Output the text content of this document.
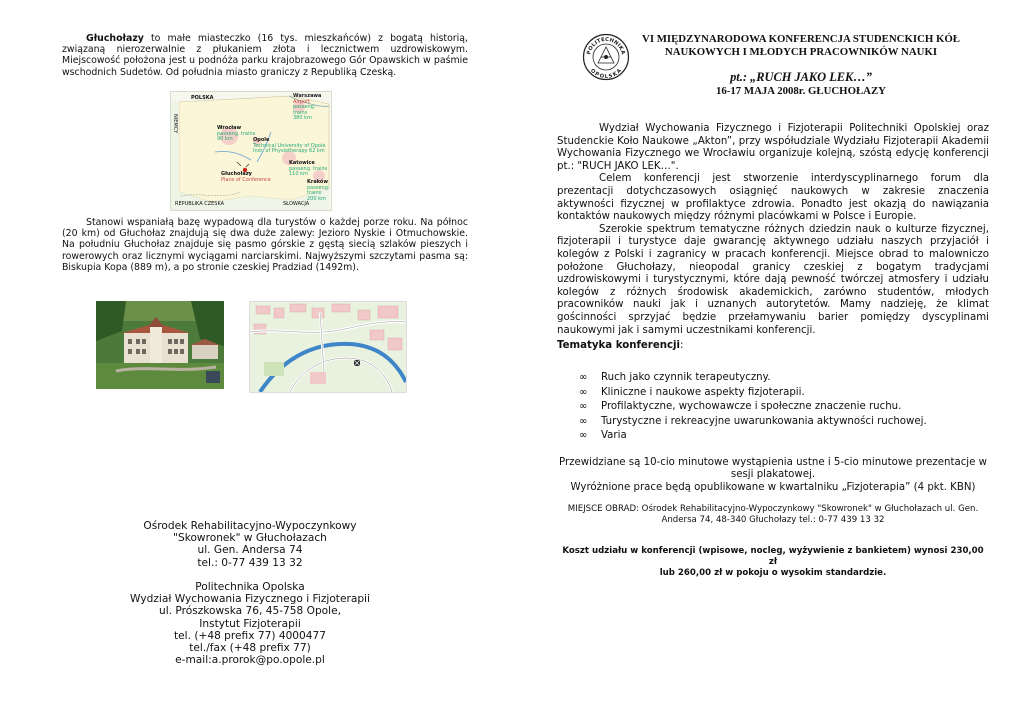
Głuchołazy to małe miasteczko (16 tys. mieszkańców) z bogatą historią, związaną nierozerwalnie z płukaniem złota i lecznictwem uzdrowiskowym. Miejscowość położona jest u podnóża parku krajobrazowego Gór Opawskich w paśmie wschodnich Sudetów. Od południa miasto graniczy z Republiką Czeską.
POLSKA
NIEMCY
Warszawa
Airport
passeng. trains
380 km
Wrocław
passeng. trains
90 km	Opole
Technical University of Opole
Inst. of Physiotherapy 62 km
Katowice
passeng. trains
110 km
Kraków
passeng. trains
200 km
Głuchołazy
Place of Conference
REPUBLIKA CZESKA	SŁOWACJA
Stanowi wspaniałą bazę wypadową dla turystów o każdej porze roku. Na północ (20 km) od Głuchołaz znajdują się dwa duże zalewy: Jezioro Nyskie i Otmuchowskie. Na południu Głuchołaz znajduje się pasmo górskie z gęstą siecią szlaków pieszych i rowerowych oraz licznymi wyciągami narciarskimi. Najwyższymi szczytami pasma są: Biskupia Kopa (889 m), a po stronie czeskiej Pradziad (1492m).
Ośrodek Rehabilitacyjno-Wypoczynkowy
"Skowronek" w Głuchołazach
ul. Gen. Andersa 74
tel.: 0-77 439 13 32
Politechnika Opolska
Wydział Wychowania Fizycznego i Fizjoterapii
ul. Prószkowska 76, 45-758 Opole,
Instytut Fizjoterapii
tel. (+48 prefix 77) 4000477
tel./fax (+48 prefix 77)
e-mail:a.prorok@po.opole.pl
POLITECHNIKA
OPOLSKA
VI MIĘDZYNARODOWA KONFERENCJA STUDENCKICH KÓŁ
NAUKOWYCH I MŁODYCH PRACOWNIKÓW NAUKI
pt.: „RUCH JAKO LEK…”
16-17 MAJA 2008r. GŁUCHOŁAZY
Wydział Wychowania Fizycznego i Fizjoterapii Politechniki Opolskiej oraz Studenckie Koło Naukowe „Akton”, przy współudziale Wydziału Fizjoterapii Akademii Wychowania Fizycznego we Wrocławiu organizuje kolejną, szóstą edycję konferencji pt.: "RUCH JAKO LEK…".
Celem konferencji jest stworzenie interdyscyplinarnego forum dla prezentacji dotychczasowych osiągnięć naukowych w zakresie znaczenia aktywności fizycznej w profilaktyce zdrowia. Ponadto jest okazją do nawiązania kontaktów naukowych między różnymi placówkami w Polsce i Europie.
Szerokie spektrum tematyczne różnych dziedzin nauk o kulturze fizycznej, fizjoterapii i turystyce daje gwarancję aktywnego udziału naszych przyjaciół i kolegów z Polski i zagranicy w pracach konferencji. Miejsce obrad to malowniczo położone Głuchołazy, nieopodal granicy czeskiej z bogatym tradycjami uzdrowiskowymi i turystycznymi, które dają pewność twórczej atmosfery i udziału kolegów z różnych środowisk akademickich, zarówno studentów, młodych pracowników nauki jak i uznanych autorytetów. Mamy nadzieję, że klimat gościnności sprzyjać będzie przełamywaniu barier pomiędzy dyscyplinami naukowymi jak i samymi uczestnikami konferencji.
Tematyka konferencji:
∞ Ruch jako czynnik terapeutyczny.
∞ Kliniczne i naukowe aspekty fizjoterapii.
∞ Profilaktyczne, wychowawcze i społeczne znaczenie ruchu.
∞ Turystyczne i rekreacyjne uwarunkowania aktywności ruchowej.
∞ Varia
Przewidziane są 10-cio minutowe wystąpienia ustne i 5-cio minutowe prezentacje w
sesji plakatowej.
Wyróżnione prace będą opublikowane w kwartalniku „Fizjoterapia” (4 pkt. KBN)
MIEJSCE OBRAD: Ośrodek Rehabilitacyjno-Wypoczynkowy "Skowronek" w Głuchołazach ul. Gen.
Andersa 74, 48-340 Głuchołazy tel.: 0-77 439 13 32
Koszt udziału w konferencji (wpisowe, nocleg, wyżywienie z bankietem) wynosi 230,00 zł
lub 260,00 zł w pokoju o wysokim standardzie.
